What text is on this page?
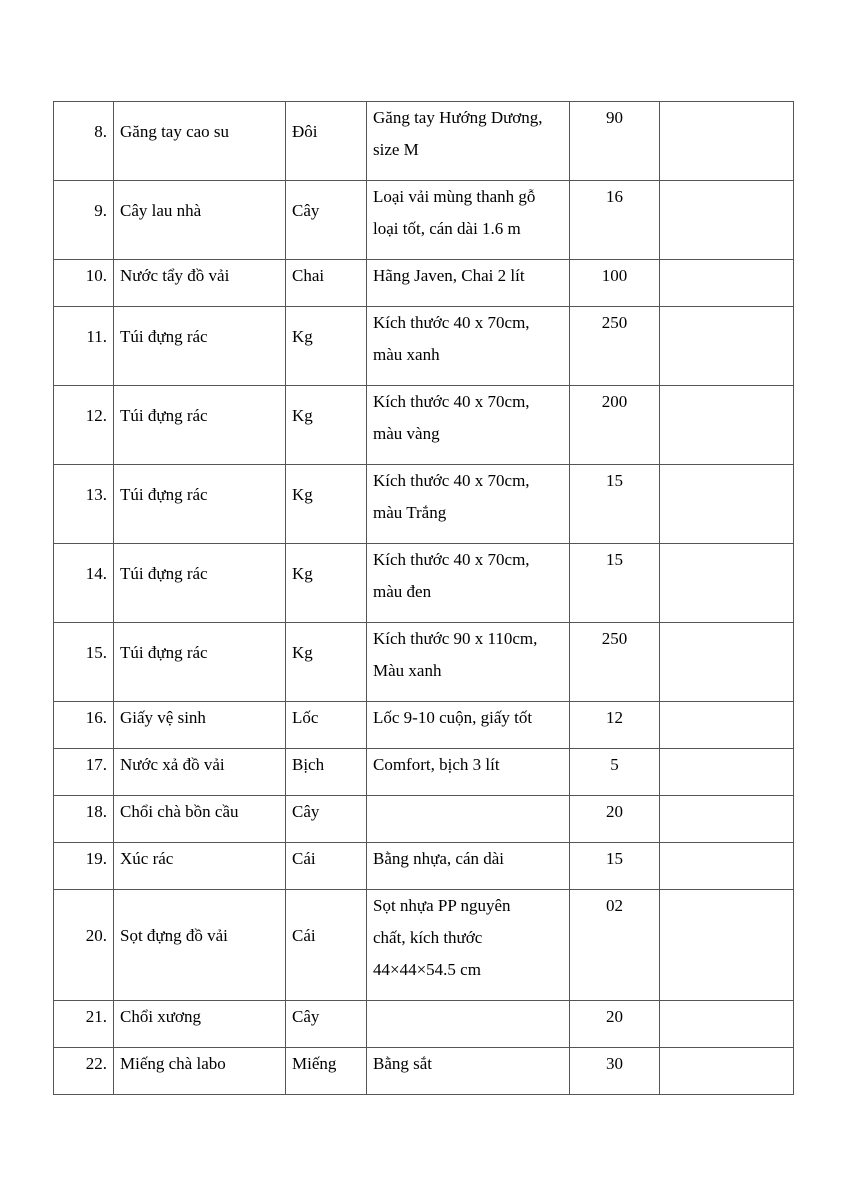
8.	Găng tay cao su	Đôi	Găng tay Hướng Dương,
size M	90	
9.	Cây lau nhà	Cây	Loại vải mùng thanh gỗ
loại tốt, cán dài 1.6 m	16	
10.	Nước tẩy đồ vải	Chai	Hãng Javen, Chai 2 lít	100	
11.	Túi đựng rác	Kg	Kích thước 40 x 70cm,
màu xanh	250	
12.	Túi đựng rác	Kg	Kích thước 40 x 70cm,
màu vàng	200	
13.	Túi đựng rác	Kg	Kích thước 40 x 70cm,
màu Trắng	15	
14.	Túi đựng rác	Kg	Kích thước 40 x 70cm,
màu đen	15	
15.	Túi đựng rác	Kg	Kích thước 90 x 110cm,
Màu xanh	250	
16.	Giấy vệ sinh	Lốc	Lốc 9-10 cuộn, giấy tốt	12	
17.	Nước xả đồ vải	Bịch	Comfort, bịch 3 lít	5	
18.	Chổi chà bồn cầu	Cây		20	
19.	Xúc rác	Cái	Bằng nhựa, cán dài	15	
20.	Sọt đựng đồ vải	Cái	Sọt nhựa PP nguyên
chất, kích thước
44×44×54.5 cm	02	
21.	Chổi xương	Cây		20	
22.	Miếng chà labo	Miếng	Bằng sắt	30	
